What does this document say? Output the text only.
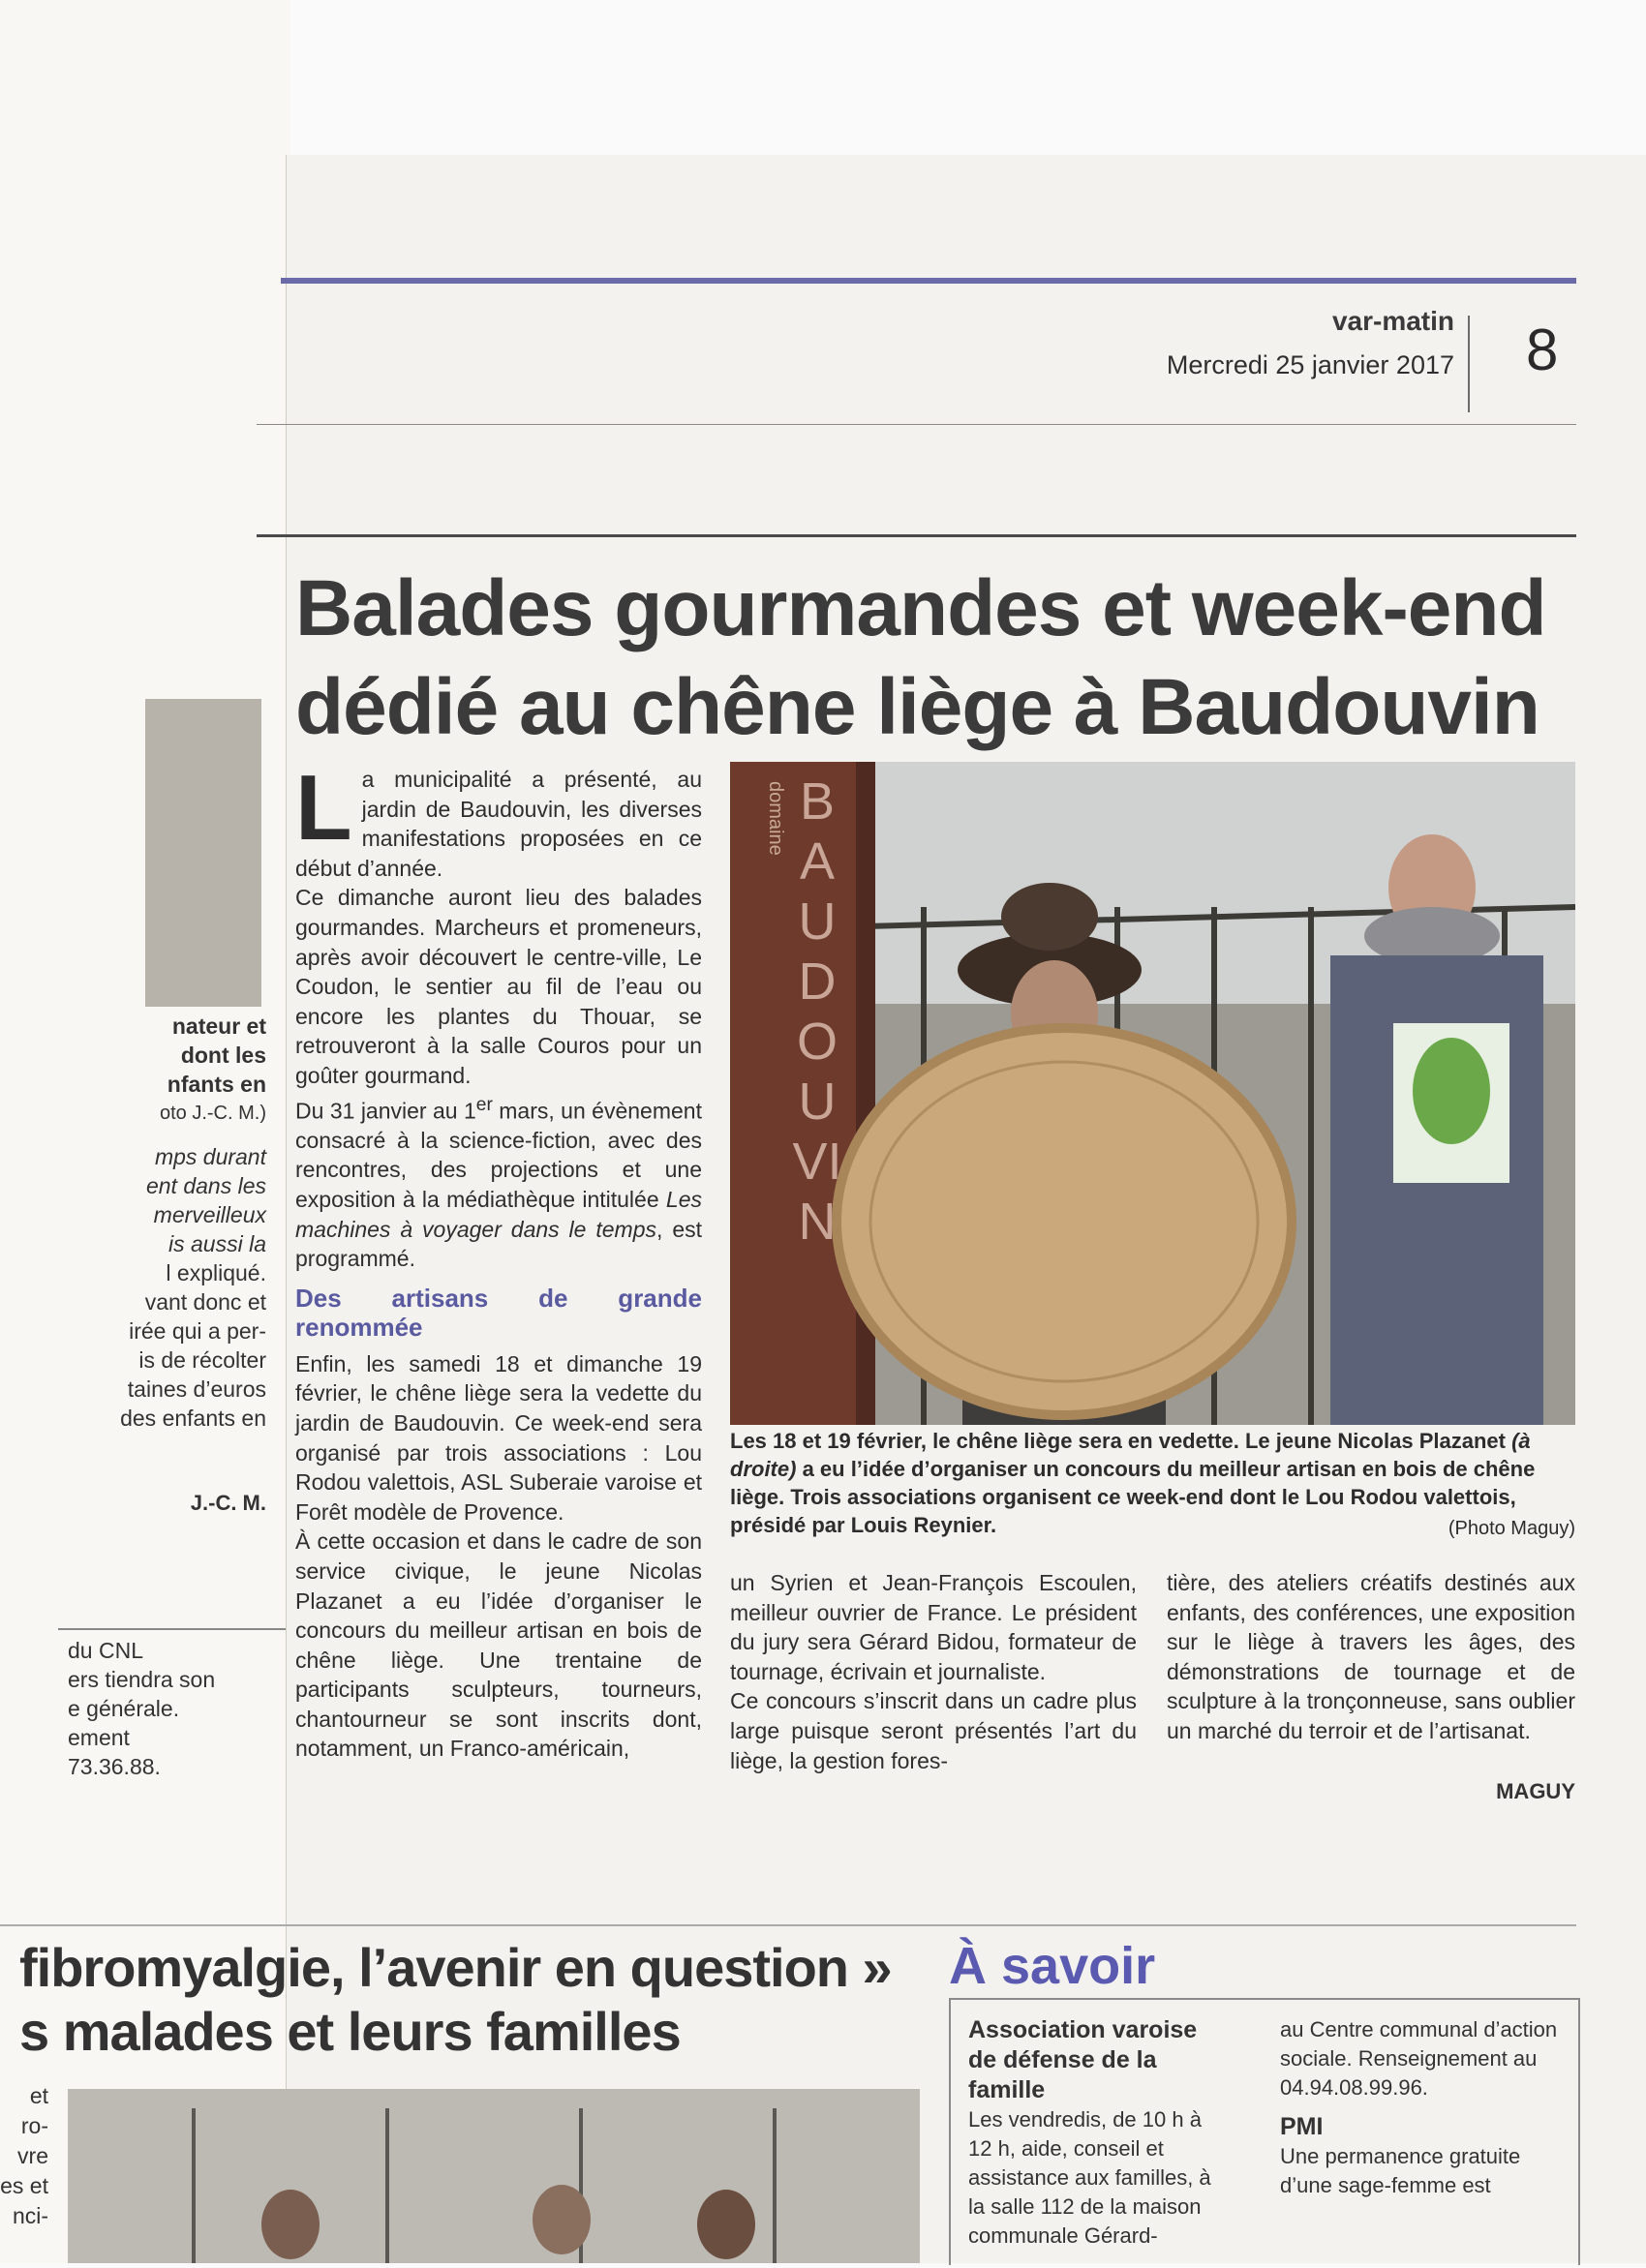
nateur et
dont les
nfants en
oto J.-C. M.)
mps durant
ent dans les
merveilleux
is aussi la
l expliqué.
vant donc et
irée qui a per-
is de récolter
taines d’euros
des enfants en
J.-C. M.
du CNL
ers tiendra son
e générale.
ement
73.36.88.
var-matin
Mercredi 25 janvier 2017 8
Balades gourmandes et week-end dédié au chêne liège à Baudouvin

La municipalité a présenté, au jardin de Baudouvin, les diverses manifestations proposées en ce début d’année.

Ce dimanche auront lieu des balades gourmandes. Marcheurs et promeneurs, après avoir découvert le centre-ville, Le Coudon, le sentier au fil de l’eau ou encore les plantes du Thouar, se retrouveront à la salle Couros pour un goûter gourmand.

Du 31 janvier au 1er mars, un évènement consacré à la science-fiction, avec des rencontres, des projections et une exposition à la médiathèque intitulée Les machines à voyager dans le temps, est programmé.

Des artisans de grande renommée

Enfin, les samedi 18 et dimanche 19 février, le chêne liège sera la vedette du jardin de Baudouvin. Ce week-end sera organisé par trois associations : Lou Rodou valettois, ASL Suberaie varoise et Forêt modèle de Provence.

À cette occasion et dans le cadre de son service civique, le jeune Nicolas Plazanet a eu l’idée d’organiser le concours du meilleur artisan en bois de chêne liège. Une trentaine de participants sculpteurs, tourneurs, chantourneur se sont inscrits dont, notamment, un Franco-américain,

domaine BAUDOUVIN
Les 18 et 19 février, le chêne liège sera en vedette. Le jeune Nicolas Plazanet (à droite) a eu l’idée d’organiser un concours du meilleur artisan en bois de chêne liège. Trois associations organisent ce week-end dont le Lou Rodou valettois, présidé par Louis Reynier.	(Photo Maguy)

un Syrien et Jean-François Escoulen, meilleur ouvrier de France. Le président du jury sera Gérard Bidou, formateur de tournage, écrivain et journaliste.

Ce concours s’inscrit dans un cadre plus large puisque seront présentés l’art du liège, la gestion fores-

tière, des ateliers créatifs destinés aux enfants, des conférences, une exposition sur le liège à travers les âges, des démonstrations de tournage et de sculpture à la tronçonneuse, sans oublier un marché du terroir et de l’artisanat.

MAGUY
fibromyalgie, l’avenir en question »
s malades et leurs familles
et
ro-
vre
es et
nci-
À savoir
Association varoise de défense de la famille
Les vendredis, de 10 h à 12 h, aide, conseil et assistance aux familles, à la salle 112 de la maison communale Gérard-
au Centre communal d’action sociale. Renseignement au 04.94.08.99.96.
PMI
Une permanence gratuite d’une sage-femme est
